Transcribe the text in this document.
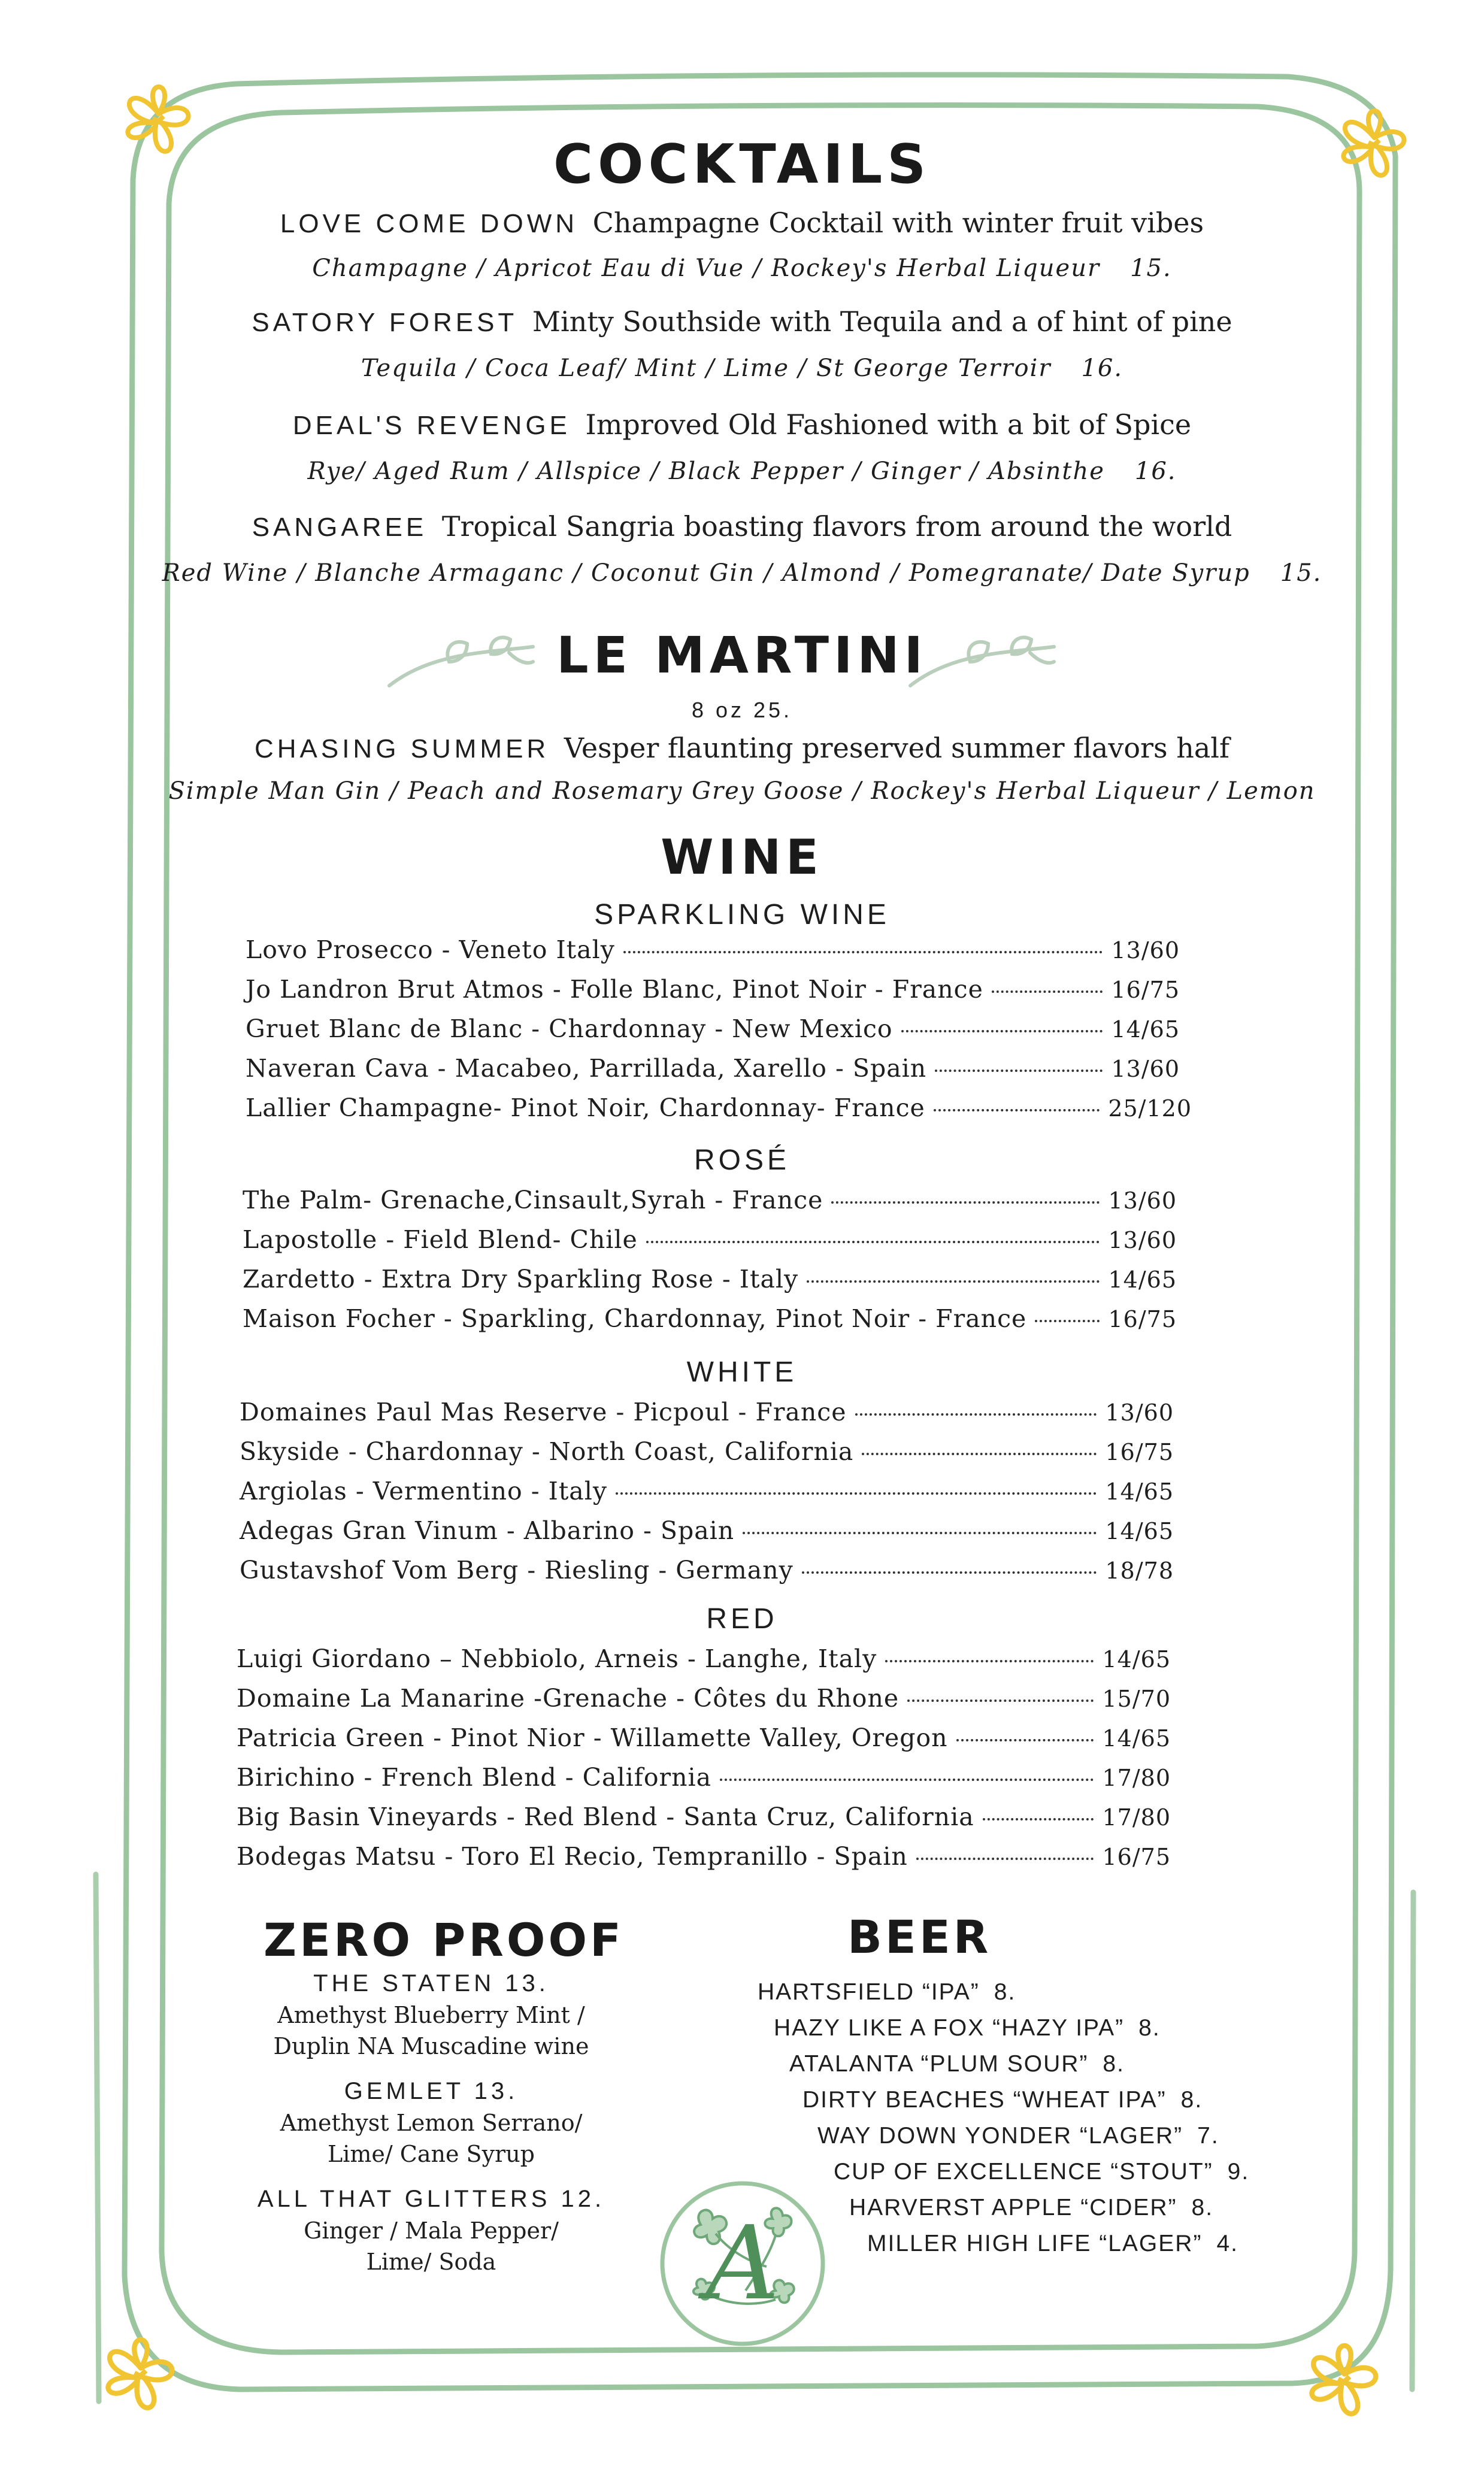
COCKTAILS
LOVE COME DOWN Champagne Cocktail with winter fruit vibes
Champagne / Apricot Eau di Vue / Rockey's Herbal Liqueur 15.
SATORY FOREST Minty Southside with Tequila and a of hint of pine
Tequila / Coca Leaf/ Mint / Lime / St George Terroir 16.
DEAL'S REVENGE Improved Old Fashioned with a bit of Spice
Rye/ Aged Rum / Allspice / Black Pepper / Ginger / Absinthe 16.
SANGAREE Tropical Sangria boasting flavors from around the world
Red Wine / Blanche Armaganc / Coconut Gin / Almond / Pomegranate/ Date Syrup 15.
LE MARTINI
8 oz 25.
CHASING SUMMER Vesper flaunting preserved summer flavors half
Simple Man Gin / Peach and Rosemary Grey Goose / Rockey's Herbal Liqueur / Lemon
WINE
SPARKLING WINE
Lovo Prosecco - Veneto Italy	13/60
Jo Landron Brut Atmos - Folle Blanc, Pinot Noir - France	16/75
Gruet Blanc de Blanc - Chardonnay - New Mexico	14/65
Naveran Cava - Macabeo, Parrillada, Xarello - Spain	13/60
Lallier Champagne- Pinot Noir, Chardonnay- France	25/120
ROSÉ
The Palm- Grenache,Cinsault,Syrah - France	13/60
Lapostolle - Field Blend- Chile	13/60
Zardetto - Extra Dry Sparkling Rose - Italy	14/65
Maison Focher - Sparkling, Chardonnay, Pinot Noir - France	16/75
WHITE
Domaines Paul Mas Reserve - Picpoul - France	13/60
Skyside - Chardonnay - North Coast, California	16/75
Argiolas - Vermentino - Italy	14/65
Adegas Gran Vinum - Albarino - Spain	14/65
Gustavshof Vom Berg - Riesling - Germany	18/78
RED
Luigi Giordano – Nebbiolo, Arneis - Langhe, Italy	14/65
Domaine La Manarine -Grenache - Côtes du Rhone	15/70
Patricia Green - Pinot Nior - Willamette Valley, Oregon	14/65
Birichino - French Blend - California	17/80
Big Basin Vineyards - Red Blend - Santa Cruz, California	17/80
Bodegas Matsu - Toro El Recio, Tempranillo - Spain	16/75
ZERO PROOF
THE STATEN 13.
Amethyst Blueberry Mint /
Duplin NA Muscadine wine
GEMLET 13.
Amethyst Lemon Serrano/
Lime/ Cane Syrup
ALL THAT GLITTERS 12.
Ginger / Mala Pepper/
Lime/ Soda
BEER
HARTSFIELD “IPA” 8.
HAZY LIKE A FOX “HAZY IPA” 8.
ATALANTA “PLUM SOUR” 8.
DIRTY BEACHES “WHEAT IPA” 8.
WAY DOWN YONDER “LAGER” 7.
CUP OF EXCELLENCE “STOUT” 9.
HARVERST APPLE “CIDER” 8.
MILLER HIGH LIFE “LAGER” 4.
A
